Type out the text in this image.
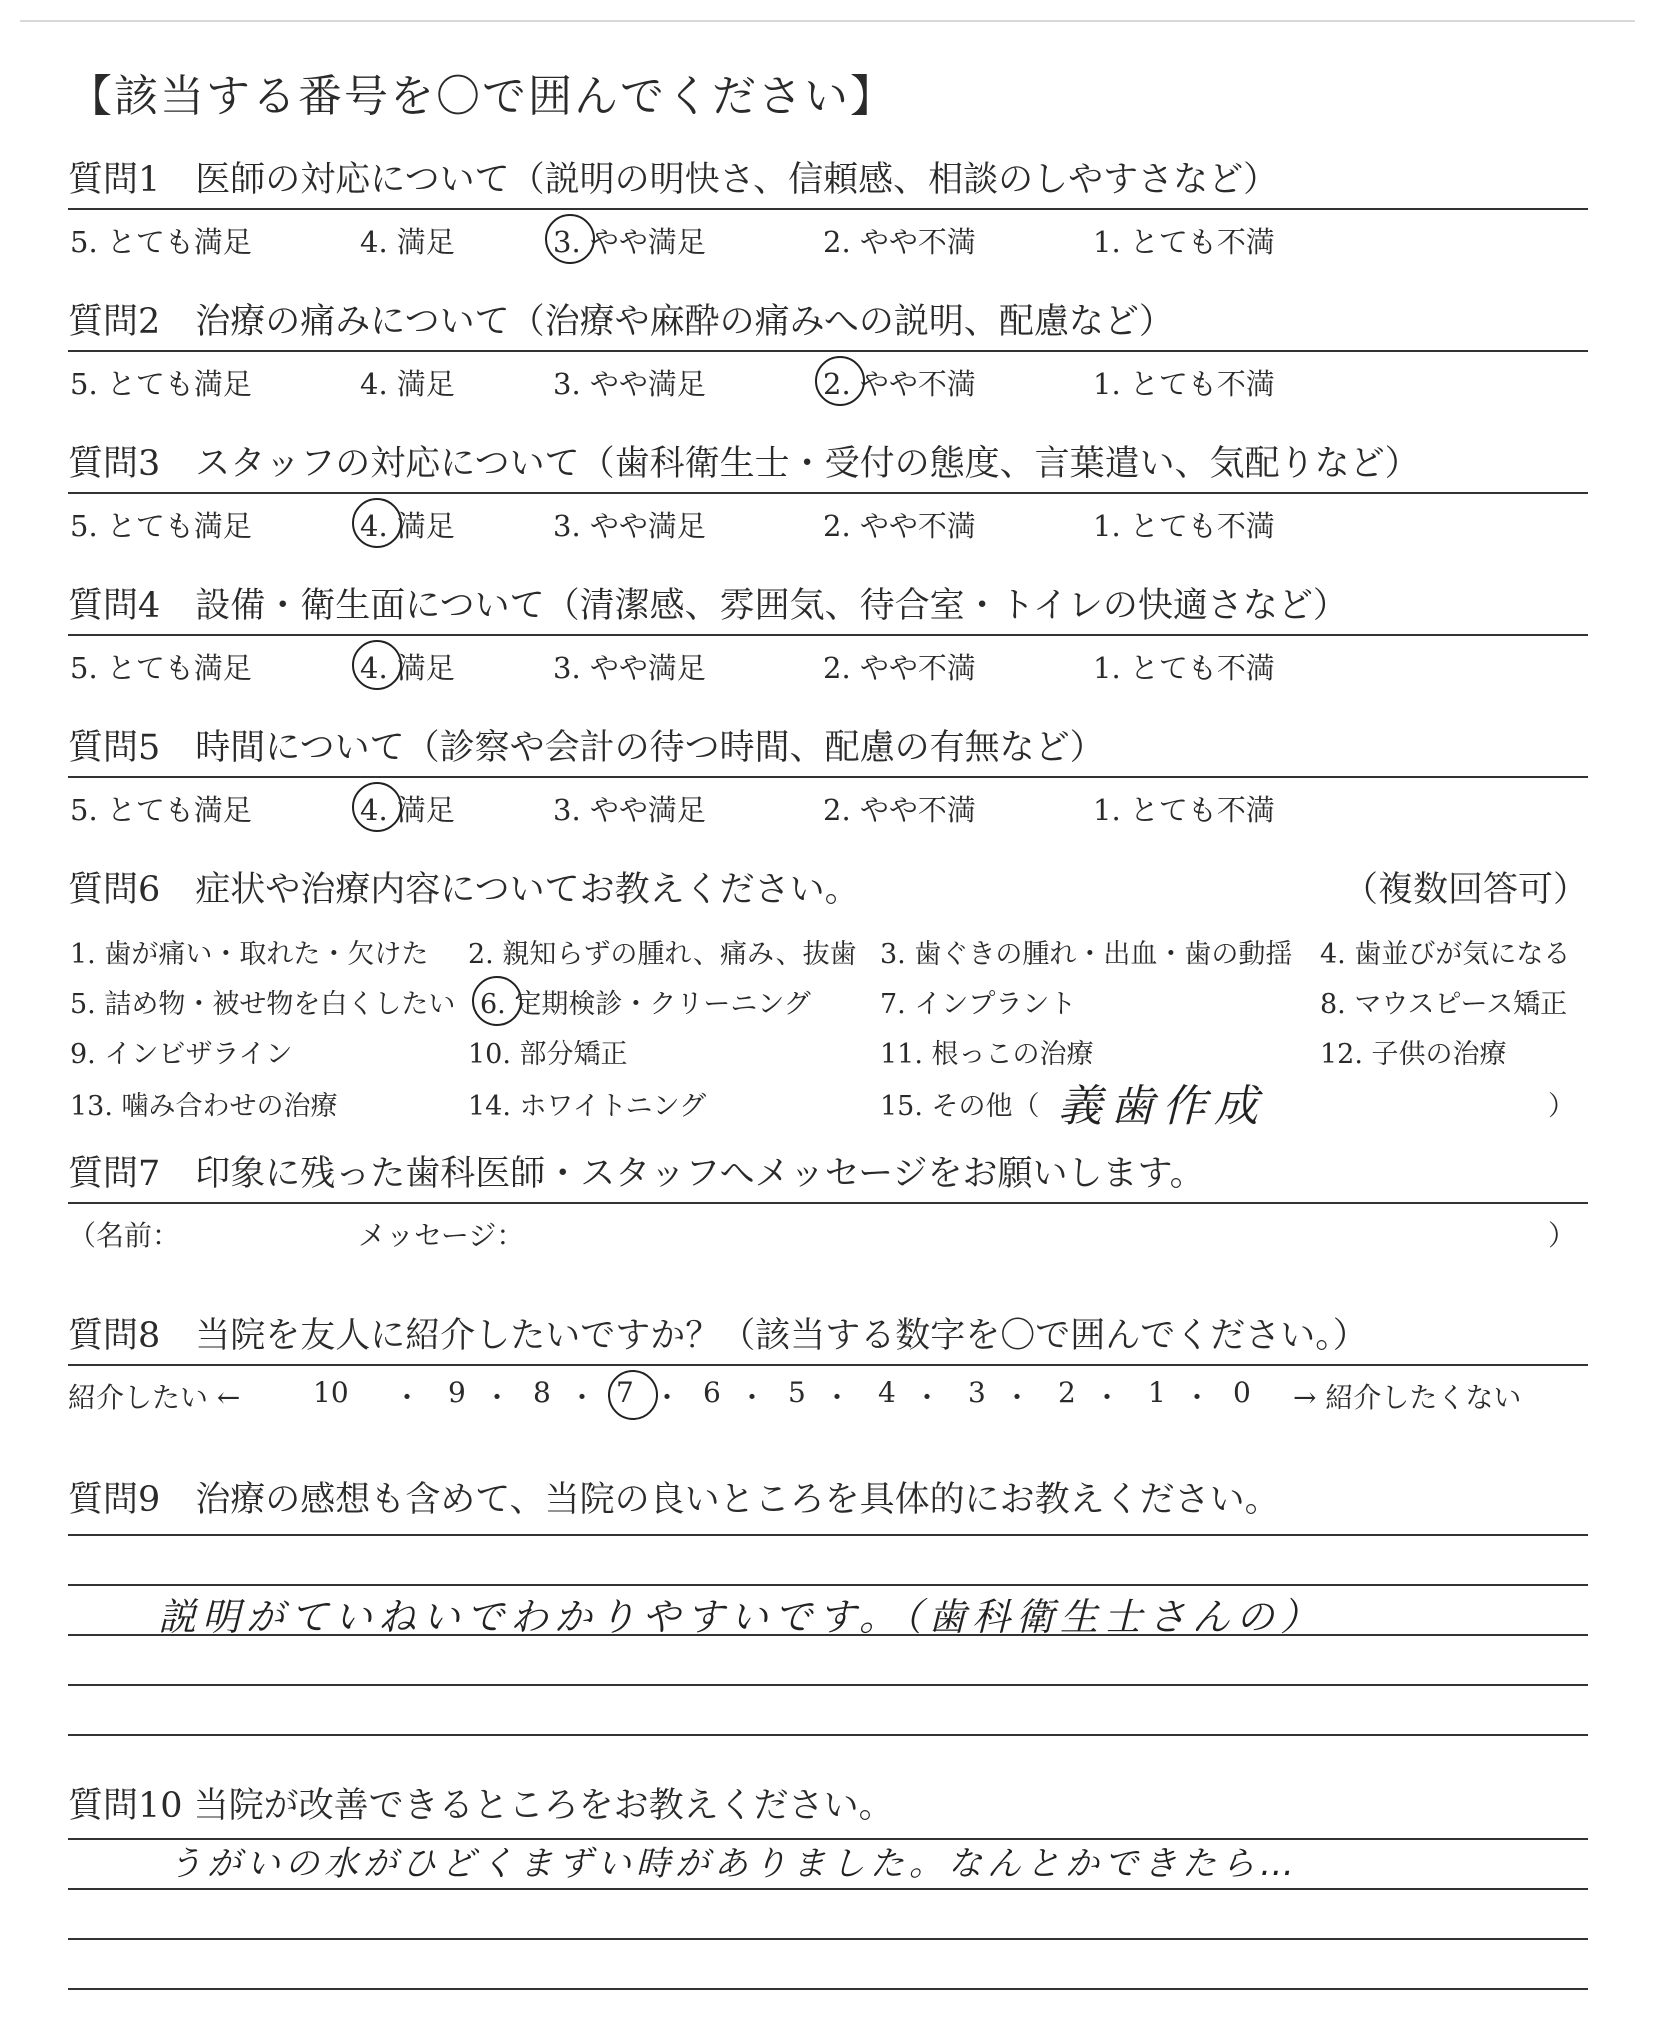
【該当する番号を〇で囲んでください】
質問1　医師の対応について（説明の明快さ、信頼感、相談のしやすさなど）
5. とても満足	4. 満足	3. やや満足	2. やや不満	1. とても不満
質問2　治療の痛みについて（治療や麻酔の痛みへの説明、配慮など）
5. とても満足	4. 満足	3. やや満足	2. やや不満	1. とても不満
質問3　スタッフの対応について（歯科衛生士・受付の態度、言葉遣い、気配りなど）
5. とても満足	4. 満足	3. やや満足	2. やや不満	1. とても不満
質問4　設備・衛生面について（清潔感、雰囲気、待合室・トイレの快適さなど）
5. とても満足	4. 満足	3. やや満足	2. やや不満	1. とても不満
質問5　時間について（診察や会計の待つ時間、配慮の有無など）
5. とても満足	4. 満足	3. やや満足	2. やや不満	1. とても不満
質問6　症状や治療内容についてお教えください。	（複数回答可）
1. 歯が痛い・取れた・欠けた 2. 親知らずの腫れ、痛み、抜歯 3. 歯ぐきの腫れ・出血・歯の動揺 4. 歯並びが気になる
5. 詰め物・被せ物を白くしたい 6. 定期検診・クリーニング	7. インプラント	8. マウスピース矯正
9. インビザライン	10. 部分矯正	11. 根っこの治療	12. 子供の治療
13. 噛み合わせの治療	14. ホワイトニング	15. その他（ 義歯作成	）
質問7　印象に残った歯科医師・スタッフへメッセージをお願いします。
（名前：	メッセージ：	）
質問8　当院を友人に紹介したいですか？（該当する数字を〇で囲んでください。）
紹介したい ←	10 ・ 9 ・ 8 ・ 7 ・ 6 ・ 5 ・ 4 ・ 3 ・ 2 ・ 1 ・ 0 → 紹介したくない
質問9　治療の感想も含めて、当院の良いところを具体的にお教えください。
説明がていねいでわかりやすいです。（歯科衛生士さんの）
質問10 当院が改善できるところをお教えください。
うがいの水がひどくまずい時がありました。なんとかできたら…
